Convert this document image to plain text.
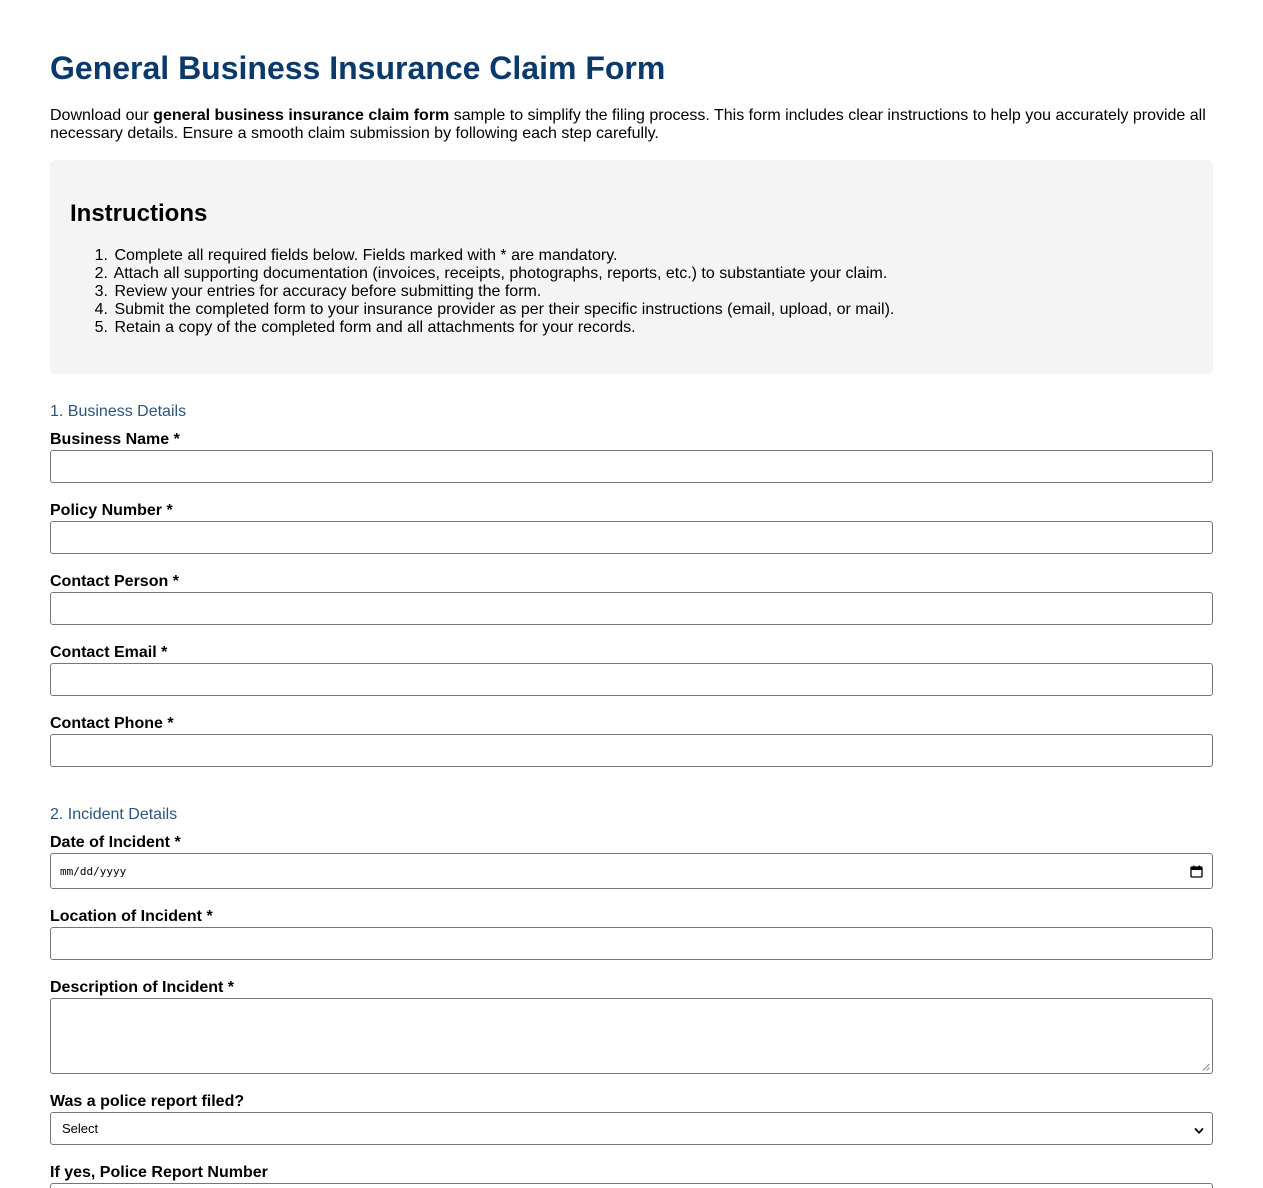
General Business Insurance Claim Form

Download our general business insurance claim form sample to simplify the filing process. This form includes clear instructions to help you accurately provide all necessary details. Ensure a smooth claim submission by following each step carefully.

Instructions
1. Complete all required fields below. Fields marked with * are mandatory.
2. Attach all supporting documentation (invoices, receipts, photographs, reports, etc.) to substantiate your claim.
3. Review your entries for accuracy before submitting the form.
4. Submit the completed form to your insurance provider as per their specific instructions (email, upload, or mail).
5. Retain a copy of the completed form and all attachments for your records.
1. Business Details
Business Name *
Policy Number *
Contact Person *
Contact Email *
Contact Phone *
2. Incident Details
Date of Incident *
mm/dd/yyyy
Location of Incident *
Description of Incident *
Was a police report filed?
Select
If yes, Police Report Number
